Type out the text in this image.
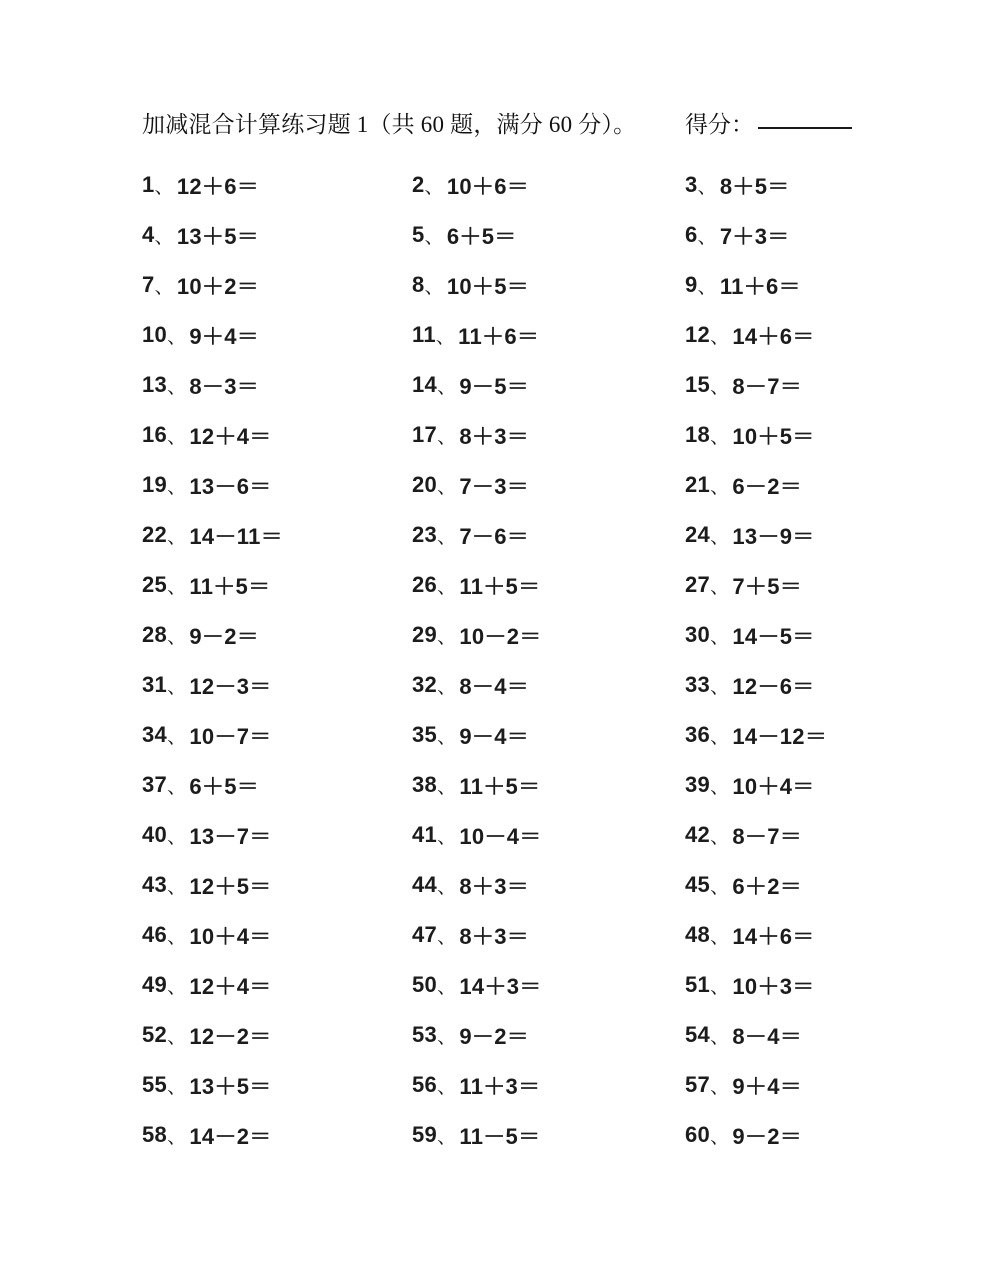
加减混合计算练习题 1（共 60 题，满分 60 分）。 得分：
1 、 12＋6＝	2 、 10＋6＝	3 、 8＋5＝
4 、 13＋5＝	5 、 6＋5＝	6 、 7＋3＝
7 、 10＋2＝	8 、 10＋5＝	9 、 11＋6＝
10 、 9＋4＝	11 、 11＋6＝	12 、 14＋6＝
13 、 8－3＝	14 、 9－5＝	15 、 8－7＝
16 、 12＋4＝	17 、 8＋3＝	18 、 10＋5＝
19 、 13－6＝	20 、 7－3＝	21 、 6－2＝
22 、 14－11＝	23 、 7－6＝	24 、 13－9＝
25 、 11＋5＝	26 、 11＋5＝	27 、 7＋5＝
28 、 9－2＝	29 、 10－2＝	30 、 14－5＝
31 、 12－3＝	32 、 8－4＝	33 、 12－6＝
34 、 10－7＝	35 、 9－4＝	36 、 14－12＝
37 、 6＋5＝	38 、 11＋5＝	39 、 10＋4＝
40 、 13－7＝	41 、 10－4＝	42 、 8－7＝
43 、 12＋5＝	44 、 8＋3＝	45 、 6＋2＝
46 、 10＋4＝	47 、 8＋3＝	48 、 14＋6＝
49 、 12＋4＝	50 、 14＋3＝	51 、 10＋3＝
52 、 12－2＝	53 、 9－2＝	54 、 8－4＝
55 、 13＋5＝	56 、 11＋3＝	57 、 9＋4＝
58 、 14－2＝	59 、 11－5＝	60 、 9－2＝
